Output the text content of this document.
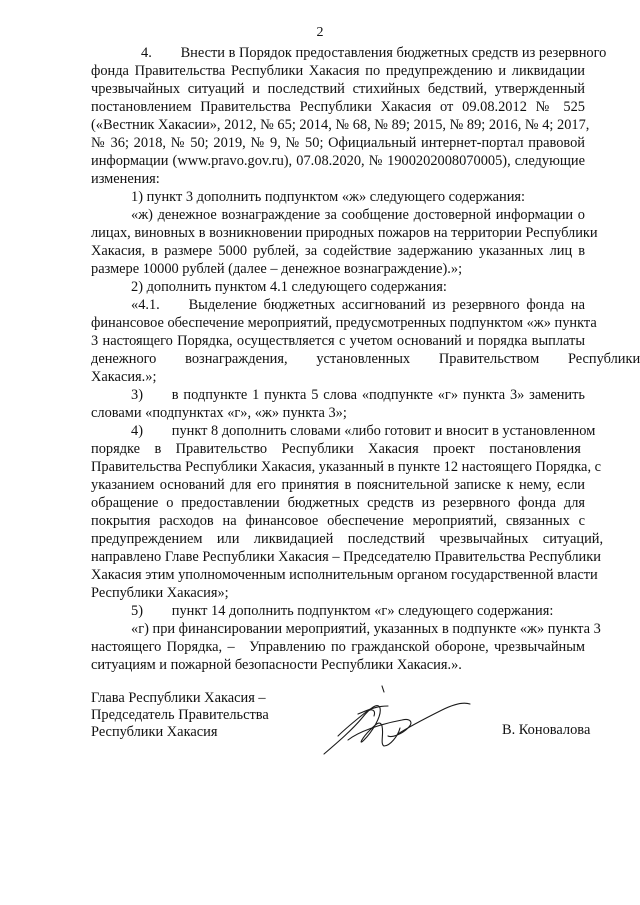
2
4.  Внести в Порядок предоставления бюджетных средств из резервного
фонда Правительства Республики Хакасия по предупреждению и ликвидации
чрезвычайных ситуаций и последствий стихийных бедствий, утвержденный
постановлением Правительства Республики Хакасия от 09.08.2012 № 525
(«Вестник Хакасии», 2012, № 65; 2014, № 68, № 89; 2015, № 89; 2016, № 4; 2017,
№ 36; 2018, № 50; 2019, № 9, № 50; Официальный интернет-портал правовой
информации (www.pravo.gov.ru), 07.08.2020, № 1900202008070005), следующие
изменения:
1) пункт 3 дополнить подпунктом «ж» следующего содержания:
«ж) денежное вознаграждение за сообщение достоверной информации о
лицах, виновных в возникновении природных пожаров на территории Республики
Хакасия, в размере 5000 рублей, за содействие задержанию указанных лиц в
размере 10000 рублей (далее – денежное вознаграждение).»;
2) дополнить пунктом 4.1 следующего содержания:
«4.1.  Выделение бюджетных ассигнований из резервного фонда на
финансовое обеспечение мероприятий, предусмотренных подпунктом «ж» пункта
3 настоящего Порядка, осуществляется с учетом оснований и порядка выплаты
денежного  вознаграждения,  установленных  Правительством  Республики
Хакасия.»;
3)  в подпункте 1 пункта 5 слова «подпункте «г» пункта 3» заменить
словами «подпунктах «г», «ж» пункта 3»;
4)  пункт 8 дополнить словами «либо готовит и вносит в установленном
порядке в Правительство Республики Хакасия проект постановления
Правительства Республики Хакасия, указанный в пункте 12 настоящего Порядка, с
указанием оснований для его принятия в пояснительной записке к нему, если
обращение о предоставлении бюджетных средств из резервного фонда для
покрытия расходов на финансовое обеспечение мероприятий, связанных с
предупреждением или ликвидацией последствий чрезвычайных ситуаций,
направлено Главе Республики Хакасия – Председателю Правительства Республики
Хакасия этим уполномоченным исполнительным органом государственной власти
Республики Хакасия»;
5)  пункт 14 дополнить подпунктом «г» следующего содержания:
«г) при финансировании мероприятий, указанных в подпункте «ж» пункта 3
настоящего Порядка, – Управлению по гражданской обороне, чрезвычайным
ситуациям и пожарной безопасности Республики Хакасия.».
Глава Республики Хакасия –
Председатель Правительства
Республики Хакасия	В. Коноваловa
